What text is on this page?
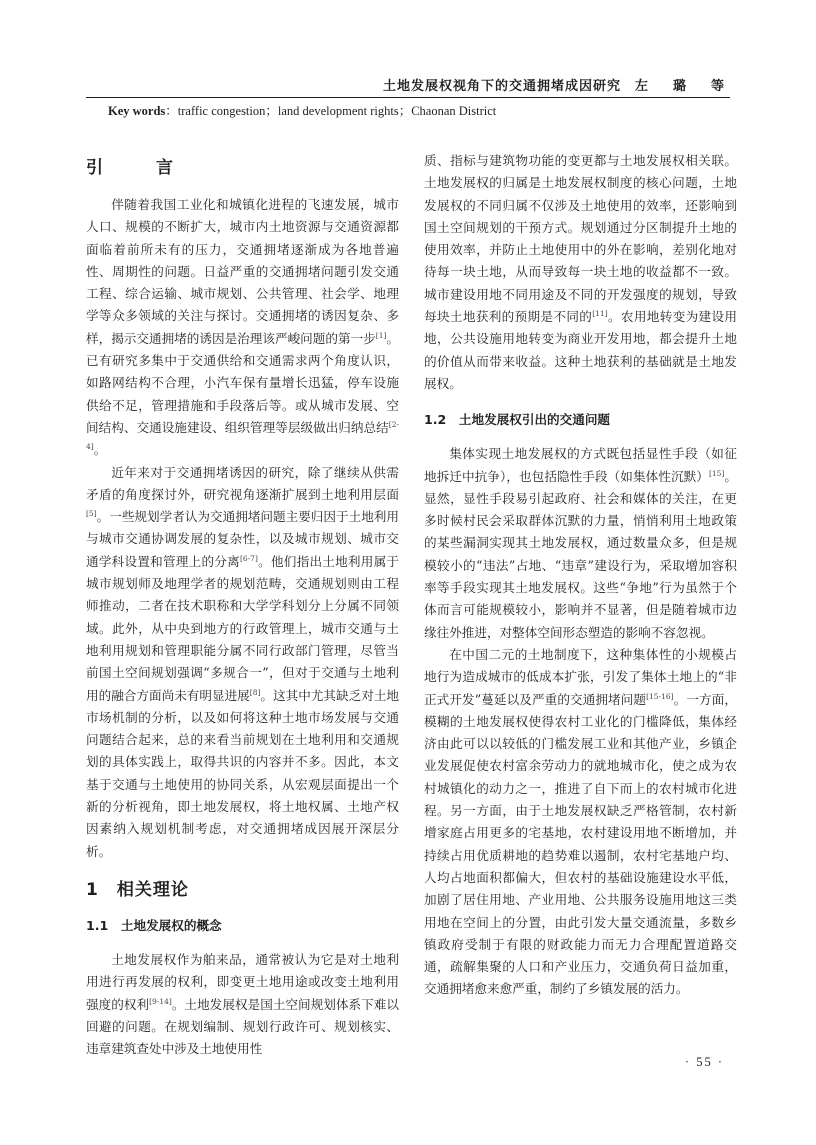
土地发展权视角下的交通拥堵成因研究 左　璐　等
Key words：traffic congestion；land development rights；Chaonan District
引　言

伴随着我国工业化和城镇化进程的飞速发展，城市人口、规模的不断扩大，城市内土地资源与交通资源都面临着前所未有的压力，交通拥堵逐渐成为各地普遍性、周期性的问题。日益严重的交通拥堵问题引发交通工程、综合运输、城市规划、公共管理、社会学、地理学等众多领域的关注与探讨。交通拥堵的诱因复杂、多样，揭示交通拥堵的诱因是治理该严峻问题的第一步[1]。已有研究多集中于交通供给和交通需求两个角度认识，如路网结构不合理，小汽车保有量增长迅猛，停车设施供给不足，管理措施和手段落后等。或从城市发展、空间结构、交通设施建设、组织管理等层级做出归纳总结[2-4]。

近年来对于交通拥堵诱因的研究，除了继续从供需矛盾的角度探讨外，研究视角逐渐扩展到土地利用层面[5]。一些规划学者认为交通拥堵问题主要归因于土地利用与城市交通协调发展的复杂性，以及城市规划、城市交通学科设置和管理上的分离[6-7]。他们指出土地利用属于城市规划师及地理学者的规划范畴，交通规划则由工程师推动，二者在技术职称和大学学科划分上分属不同领域。此外，从中央到地方的行政管理上，城市交通与土地利用规划和管理职能分属不同行政部门管理，尽管当前国土空间规划强调“多规合一”，但对于交通与土地利用的融合方面尚未有明显进展[8]。这其中尤其缺乏对土地市场机制的分析，以及如何将这种土地市场发展与交通问题结合起来，总的来看当前规划在土地利用和交通规划的具体实践上，取得共识的内容并不多。因此，本文基于交通与土地使用的协同关系，从宏观层面提出一个新的分析视角，即土地发展权，将土地权属、土地产权因素纳入规划机制考虑，对交通拥堵成因展开深层分析。

1　相关理论
1.1　土地发展权的概念

土地发展权作为舶来品，通常被认为它是对土地利用进行再发展的权利，即变更土地用途或改变土地利用强度的权利[9-14]。土地发展权是国土空间规划体系下难以回避的问题。在规划编制、规划行政许可、规划核实、违章建筑查处中涉及土地使用性

质、指标与建筑物功能的变更都与土地发展权相关联。土地发展权的归属是土地发展权制度的核心问题，土地发展权的不同归属不仅涉及土地使用的效率，还影响到国土空间规划的干预方式。规划通过分区制提升土地的使用效率，并防止土地使用中的外在影响，差别化地对待每一块土地，从而导致每一块土地的收益都不一致。城市建设用地不同用途及不同的开发强度的规划，导致每块土地获利的预期是不同的[11]。农用地转变为建设用地，公共设施用地转变为商业开发用地，都会提升土地的价值从而带来收益。这种土地获利的基础就是土地发展权。

1.2　土地发展权引出的交通问题

集体实现土地发展权的方式既包括显性手段（如征地拆迁中抗争），也包括隐性手段（如集体性沉默）[15]。显然，显性手段易引起政府、社会和媒体的关注，在更多时候村民会采取群体沉默的力量，悄悄利用土地政策的某些漏洞实现其土地发展权，通过数量众多，但是规模较小的“违法”占地、“违章”建设行为，采取增加容积率等手段实现其土地发展权。这些“争地”行为虽然于个体而言可能规模较小，影响并不显著，但是随着城市边缘往外推进，对整体空间形态塑造的影响不容忽视。

在中国二元的土地制度下，这种集体性的小规模占地行为造成城市的低成本扩张，引发了集体土地上的“非正式开发”蔓延以及严重的交通拥堵问题[15-16]。一方面，模糊的土地发展权使得农村工业化的门槛降低，集体经济由此可以以较低的门槛发展工业和其他产业，乡镇企业发展促使农村富余劳动力的就地城市化，使之成为农村城镇化的动力之一，推进了自下而上的农村城市化进程。另一方面，由于土地发展权缺乏严格管制，农村新增家庭占用更多的宅基地，农村建设用地不断增加，并持续占用优质耕地的趋势难以遏制，农村宅基地户均、人均占地面积都偏大，但农村的基础设施建设水平低，加剧了居住用地、产业用地、公共服务设施用地这三类用地在空间上的分置，由此引发大量交通流量，多数乡镇政府受制于有限的财政能力而无力合理配置道路交通，疏解集聚的人口和产业压力，交通负荷日益加重，交通拥堵愈来愈严重，制约了乡镇发展的活力。

· 55 ·
